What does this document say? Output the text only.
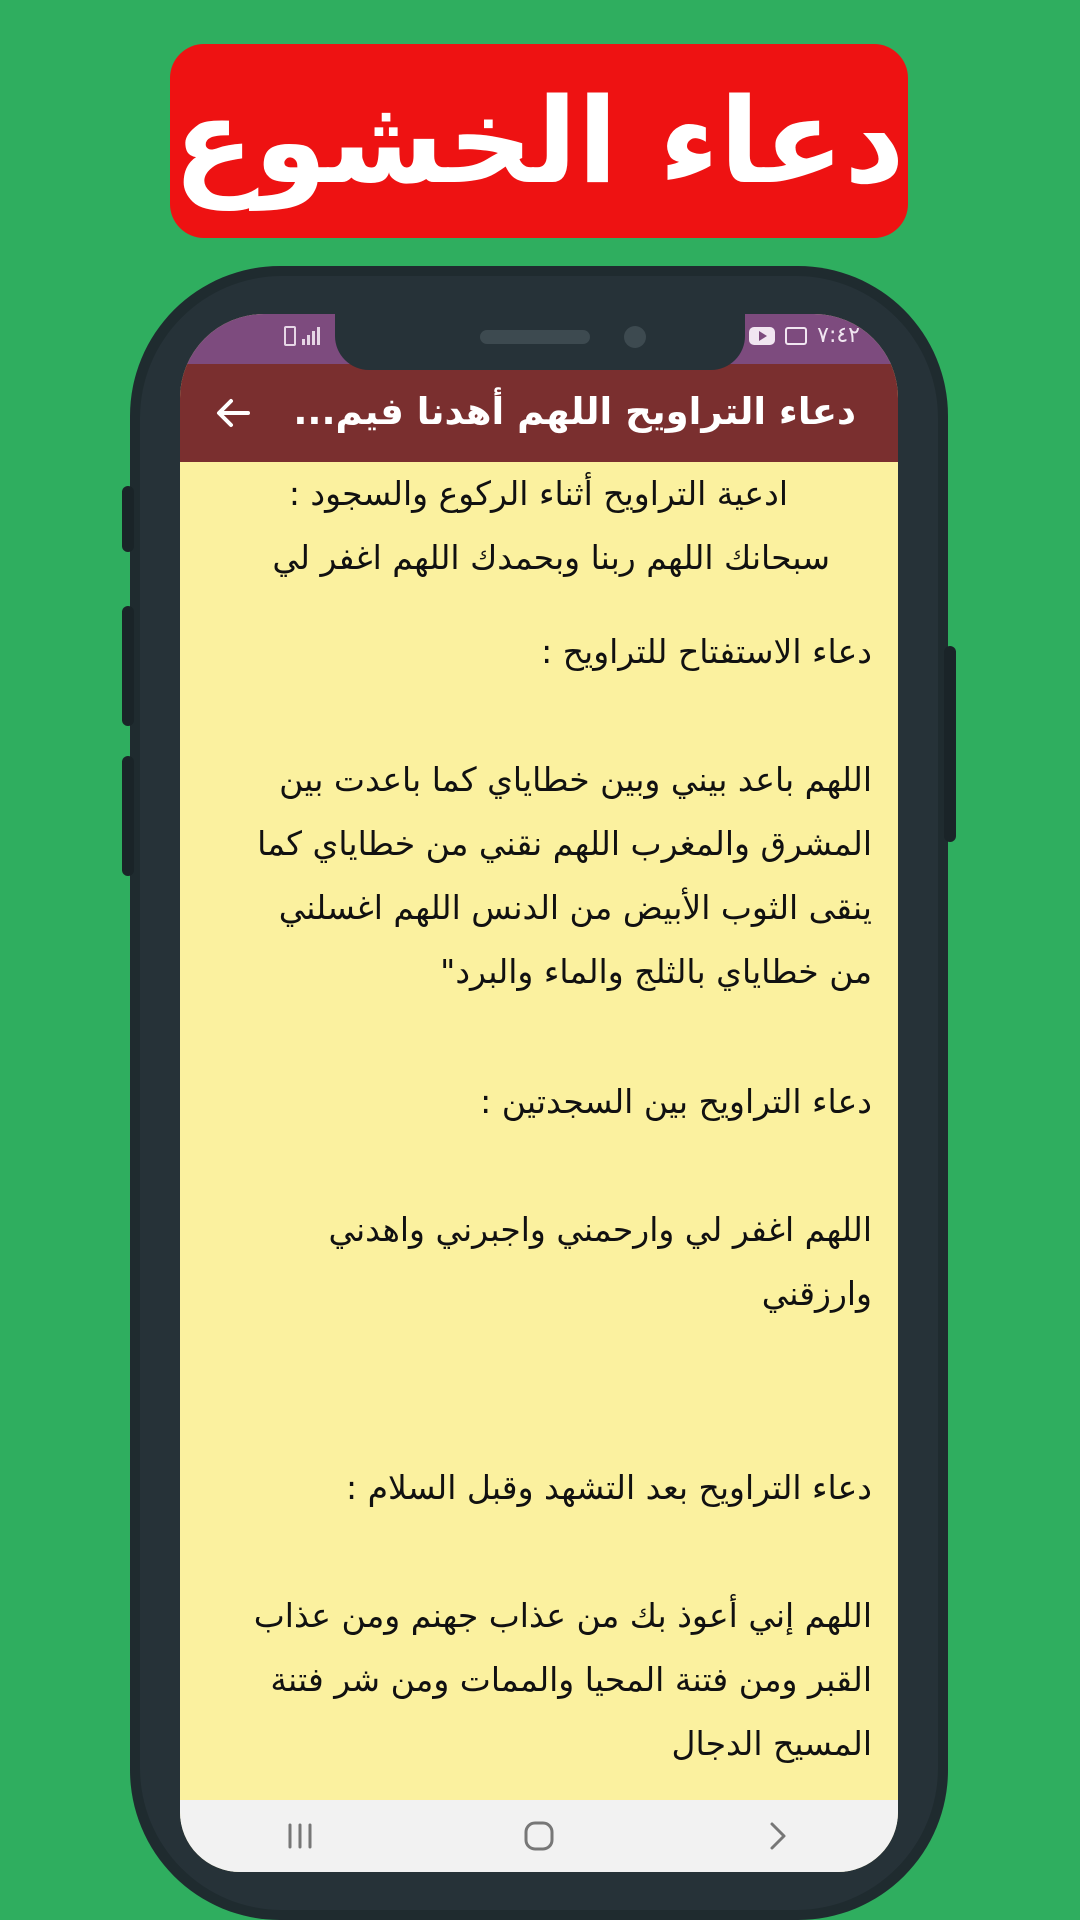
دعاء الخشوع
٧:٤٢
دعاء التراويح اللهم أهدنا فيم...
ادعية التراويح أثناء الركوع والسجود :
سبحانك اللهم ربنا وبحمدك اللهم اغفر لي
دعاء الاستفتاح للتراويح :
اللهم باعد بيني وبين خطاياي كما باعدت بين
المشرق والمغرب اللهم نقني من خطاياي كما
ينقى الثوب الأبيض من الدنس اللهم اغسلني
من خطاياي بالثلج والماء والبرد"
دعاء التراويح بين السجدتين :
اللهم اغفر لي وارحمني واجبرني واهدني
وارزقني
دعاء التراويح بعد التشهد وقبل السلام :
اللهم إني أعوذ بك من عذاب جهنم ومن عذاب
القبر ومن فتنة المحيا والممات ومن شر فتنة
المسيح الدجال
